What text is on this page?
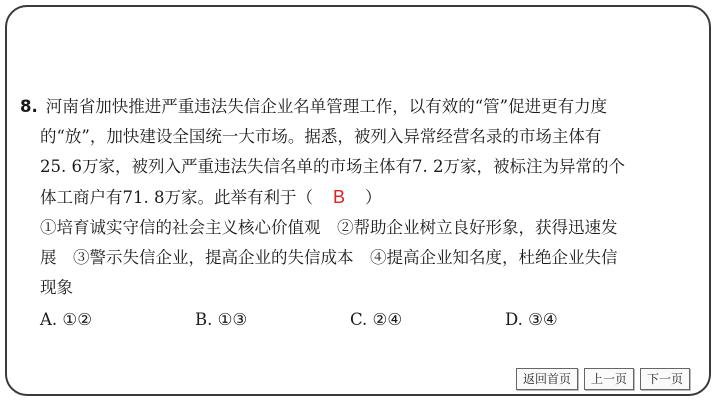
8. 河南省加快推进严重违法失信企业名单管理工作，以有效的“管”促进更有力度
的“放”，加快建设全国统一大市场。据悉，被列入异常经营名录的市场主体有
25. 6万家，被列入严重违法失信名单的市场主体有7. 2万家，被标注为异常的个
体工商户有71. 8万家。此举有利于（ B ）
①培育诚实守信的社会主义核心价值观　②帮助企业树立良好形象，获得迅速发
展　③警示失信企业，提高企业的失信成本　④提高企业知名度，杜绝企业失信
现象
A. ①②	B. ①③	C. ②④	D. ③④
返回首页	上一页	下一页
